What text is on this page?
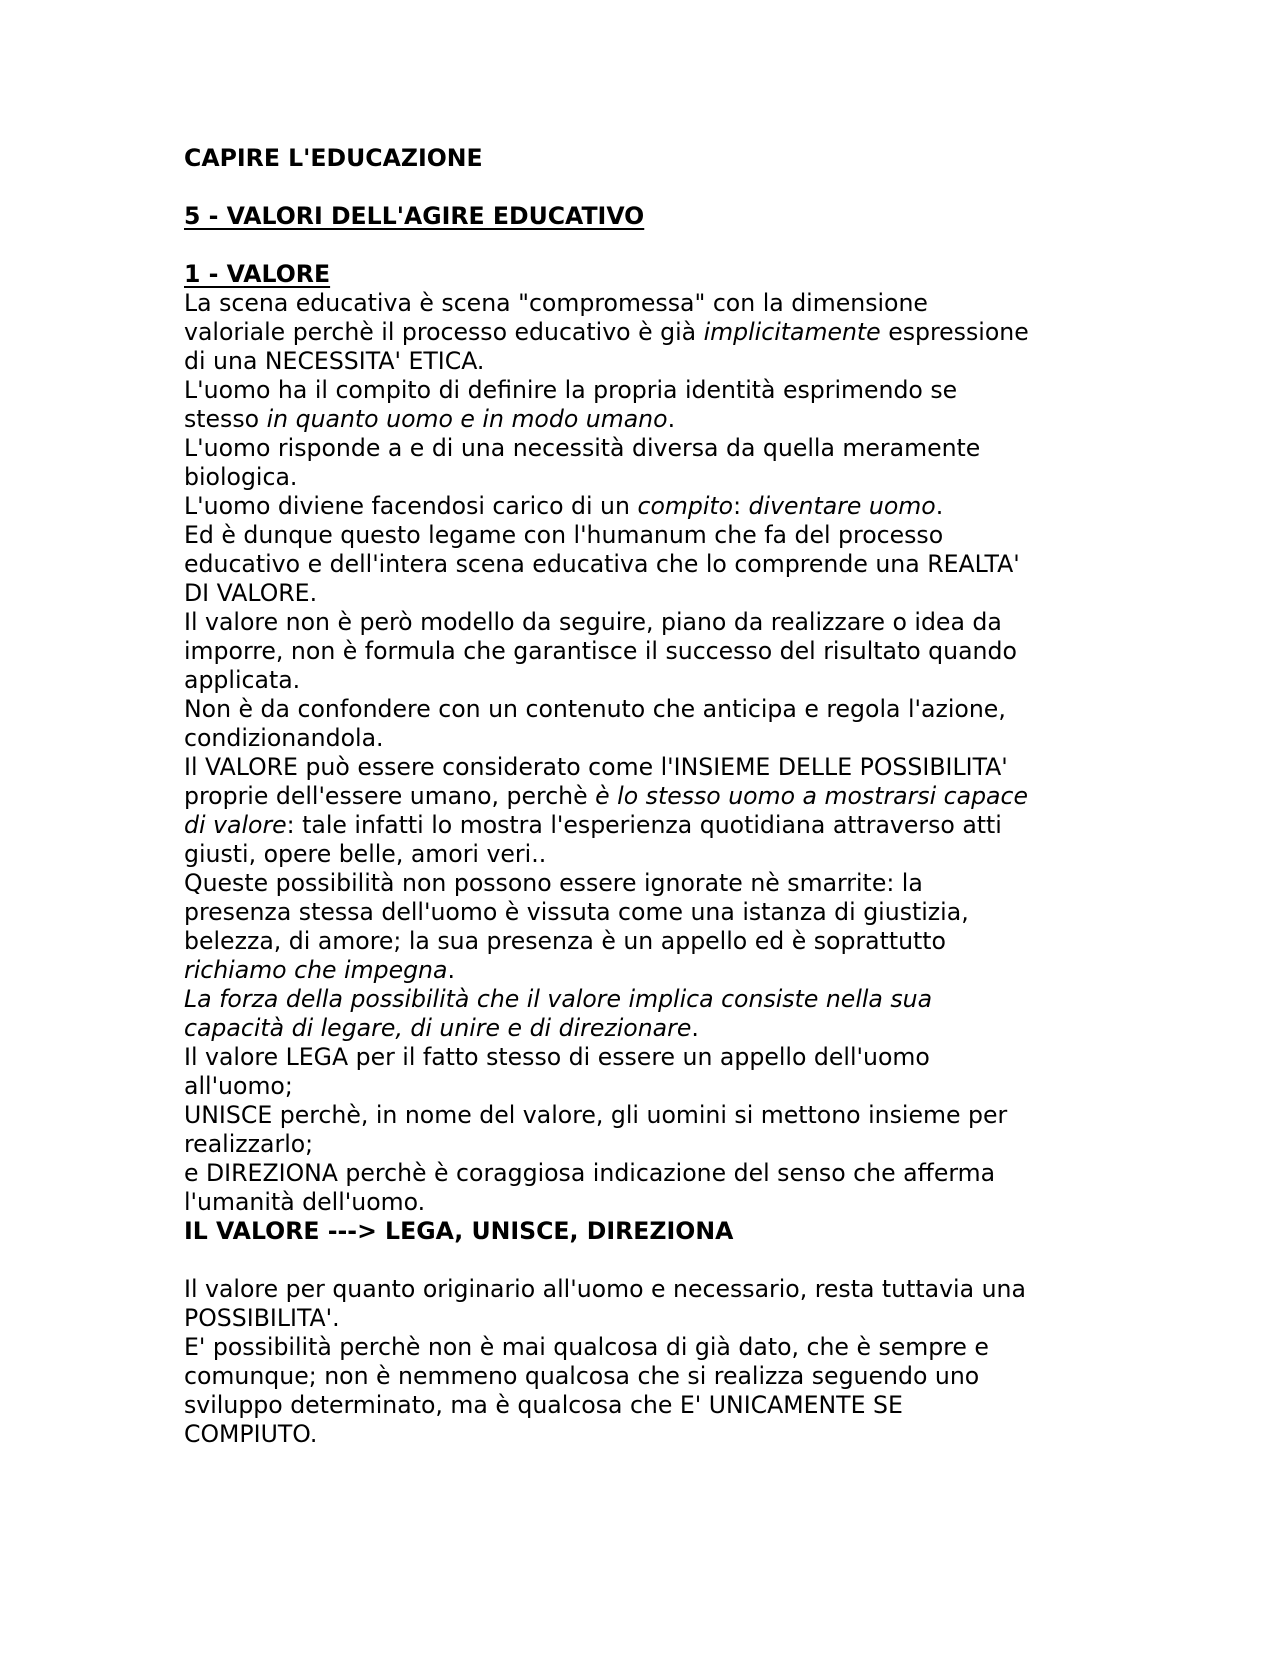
CAPIRE L'EDUCAZIONE
5 - VALORI DELL'AGIRE EDUCATIVO
1 - VALORE
La scena educativa è scena "compromessa" con la dimensione
valoriale perchè il processo educativo è già implicitamente espressione
di una NECESSITA' ETICA.
L'uomo ha il compito di definire la propria identità esprimendo se
stesso in quanto uomo e in modo umano.
L'uomo risponde a e di una necessità diversa da quella meramente
biologica.
L'uomo diviene facendosi carico di un compito: diventare uomo.
Ed è dunque questo legame con l'humanum che fa del processo
educativo e dell'intera scena educativa che lo comprende una REALTA'
DI VALORE.
Il valore non è però modello da seguire, piano da realizzare o idea da
imporre, non è formula che garantisce il successo del risultato quando
applicata.
Non è da confondere con un contenuto che anticipa e regola l'azione,
condizionandola.
Il VALORE può essere considerato come l'INSIEME DELLE POSSIBILITA'
proprie dell'essere umano, perchè è lo stesso uomo a mostrarsi capace
di valore: tale infatti lo mostra l'esperienza quotidiana attraverso atti
giusti, opere belle, amori veri..
Queste possibilità non possono essere ignorate nè smarrite: la
presenza stessa dell'uomo è vissuta come una istanza di giustizia,
belezza, di amore; la sua presenza è un appello ed è soprattutto
richiamo che impegna.
La forza della possibilità che il valore implica consiste nella sua
capacità di legare, di unire e di direzionare.
Il valore LEGA per il fatto stesso di essere un appello dell'uomo
all'uomo;
UNISCE perchè, in nome del valore, gli uomini si mettono insieme per
realizzarlo;
e DIREZIONA perchè è coraggiosa indicazione del senso che afferma
l'umanità dell'uomo.
IL VALORE ---> LEGA, UNISCE, DIREZIONA
Il valore per quanto originario all'uomo e necessario, resta tuttavia una
POSSIBILITA'.
E' possibilità perchè non è mai qualcosa di già dato, che è sempre e
comunque; non è nemmeno qualcosa che si realizza seguendo uno
sviluppo determinato, ma è qualcosa che E' UNICAMENTE SE
COMPIUTO.
